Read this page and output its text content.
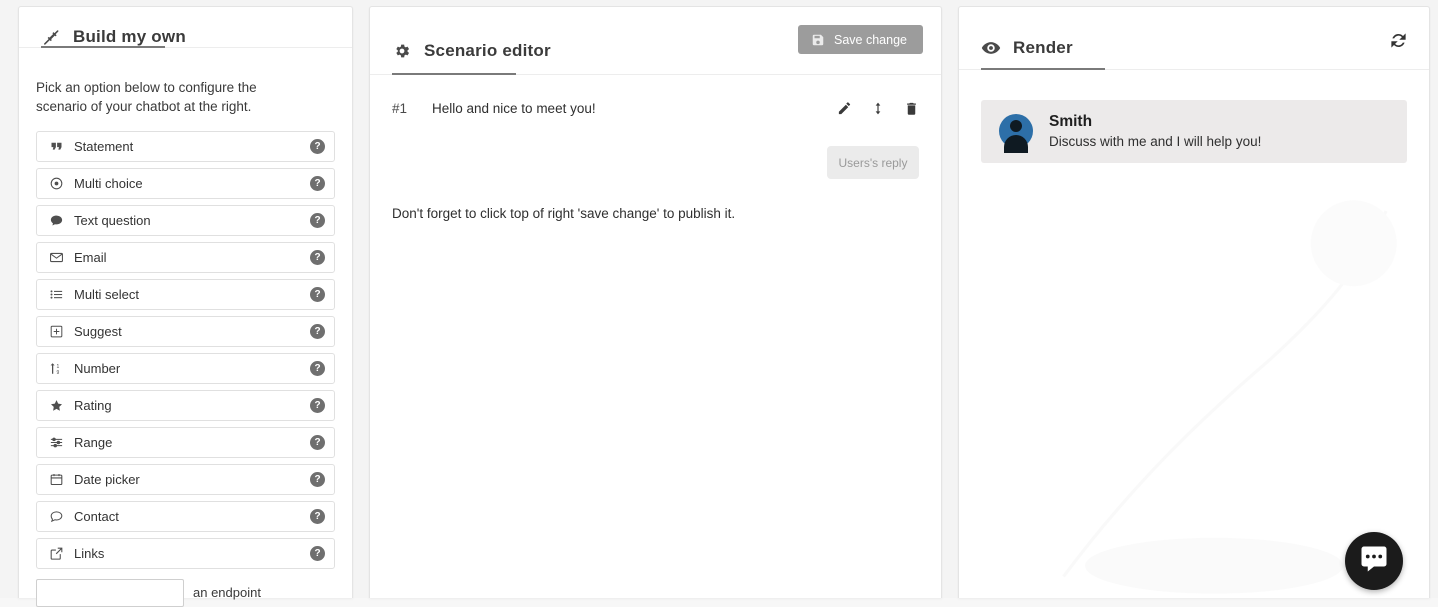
Build my own

Pick an option below to configure the scenario of your chatbot at the right.

Statement	?
Multi choice	?
Text question	?
Email	?
Multi select	?
Suggest	?
1
9 Number	?
Rating	?
Range	?
Date picker	?
Contact	?
Links	?
an endpoint
Scenario editor
Save change
#1	Hello and nice to meet you!
Users's reply
Don't forget to click top of right 'save change' to publish it.
Render
Smith
Discuss with me and I will help you!
